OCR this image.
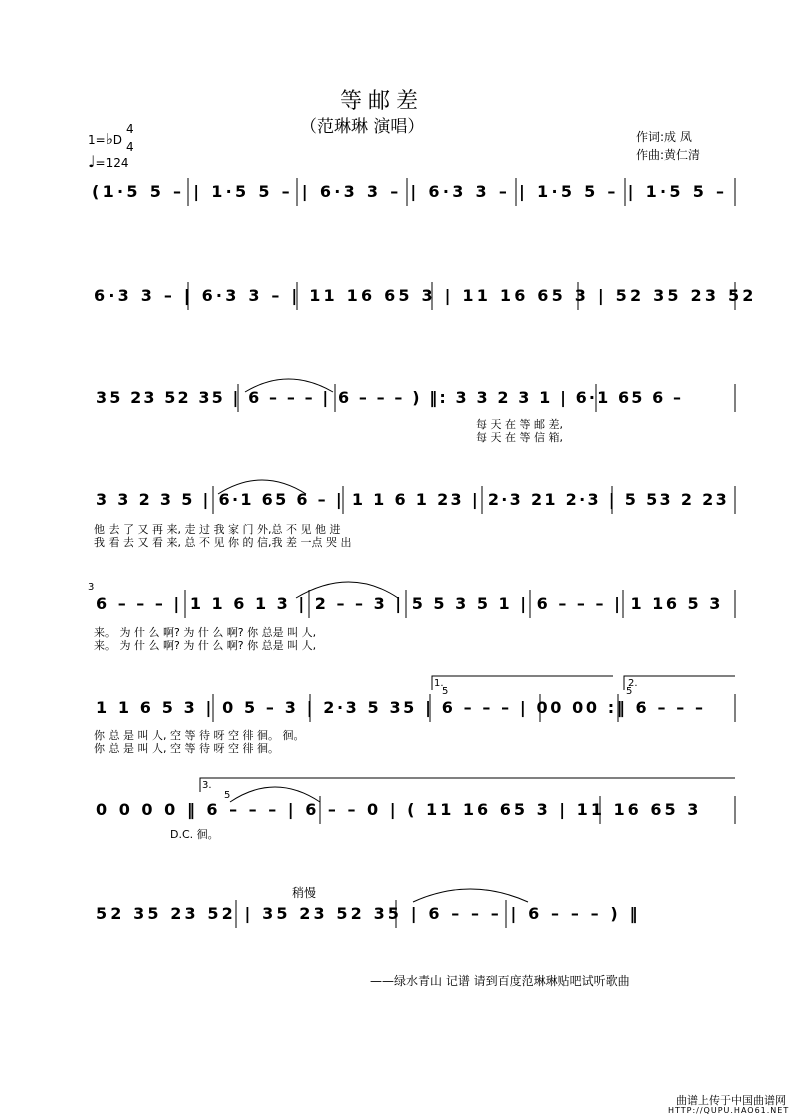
等邮差
（范琳琳 演唱）	作词:成 凤
作曲:黄仁清
1=♭D
4
4
♩=124
(1·5 5 – | 1·5 5 – | 6·3 3 – | 6·3 3 – | 1·5 5 – | 1·5 5 –
6·3 3 – | 6·3 3 – | 11 16 65 3 | 11 16 65 3 | 52 35 23 52
35 23 52 35 | 6 – – – | 6 – – – ) ‖: 3 3 2 3 1 | 6·1 65 6 –
每 天 在 等 邮 差,
每 天 在 等 信 箱,
3 3 2 3 5 | 6·1 65 6 – | 1 1 6 1 23 | 2·3 21 2·3 | 5 53 2 23
他 去 了 又 再 来, 走 过 我 家 门 外,总 不 见 他 进
我 看 去 又 看 来, 总 不 见 你 的 信,我 差 一点 哭 出
6 – – – | 1 1 6 1 3 | 2 – – 3 | 5 5 3 5 1 | 6 – – – | 1 16 5 3
来。 为 什 么 啊? 为 什 么 啊? 你 总是 叫 人,
来。 为 什 么 啊? 为 什 么 啊? 你 总是 叫 人,
1 1 6 5 3 | 0 5 – 3 | 2·3 5 35 | 6 – – – | 00 00 :‖ 6 – – –
你 总 是 叫 人, 空 等 待 呀 空 徘 徊。 徊。
你 总 是 叫 人, 空 等 待 呀 空 徘 徊。
0 0 0 0 ‖ 6 – – – | 6 – – 0 | ( 11 16 65 3 | 11 16 65 3
D.C. 徊。
稍慢
52 35 23 52 | 35 23 52 35 | 6 – – – | 6 – – – ) ‖
1.	2.
3.
3
5	5
5
——绿水青山 记谱 请到百度范琳琳贴吧试听歌曲
曲谱上传于中国曲谱网
HTTP://QUPU.HAO61.NET
